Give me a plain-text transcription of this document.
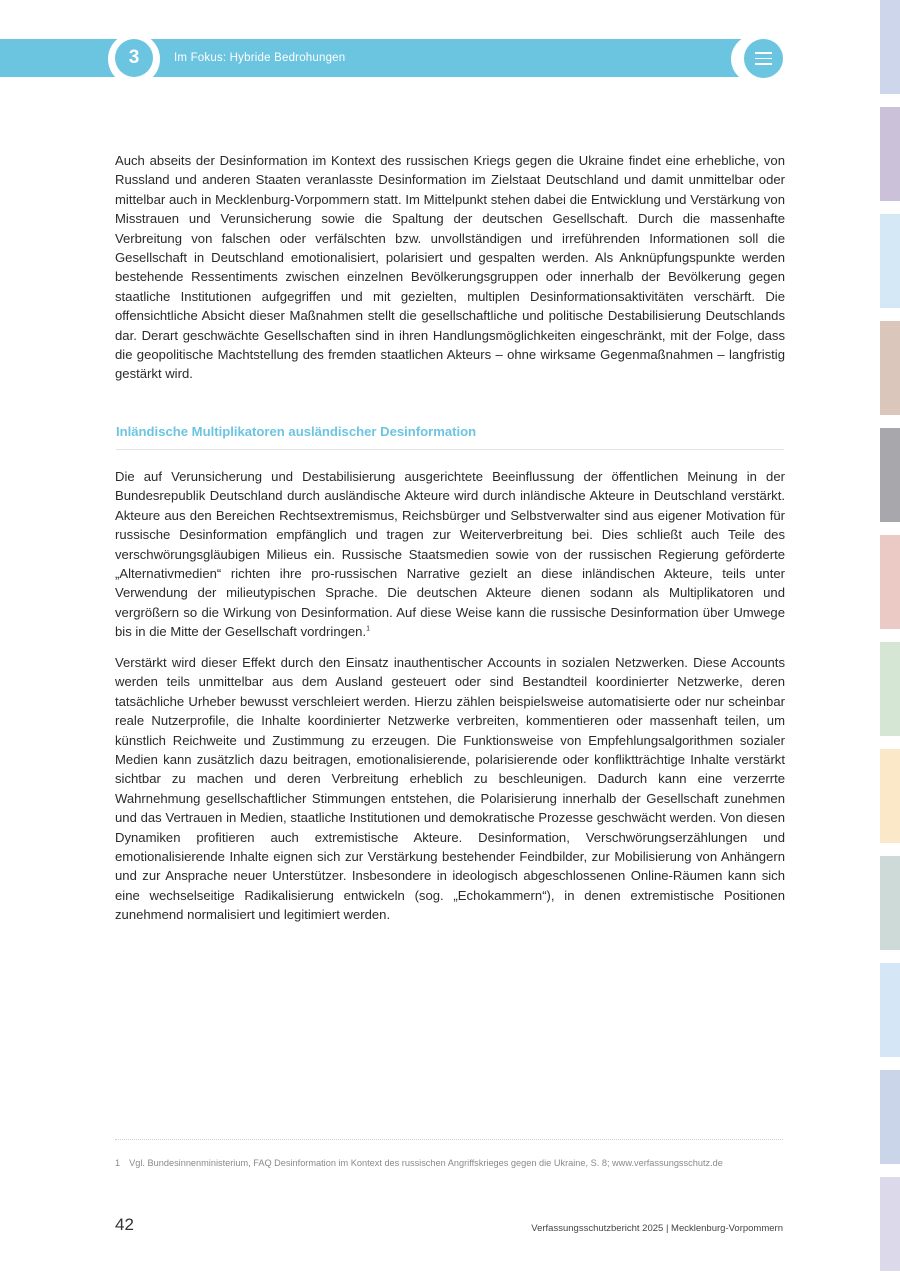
3	Im Fokus: Hybride Bedrohungen

Auch abseits der Desinformation im Kontext des russischen Kriegs gegen die Ukraine findet eine erhebliche, von Russland und anderen Staaten veranlasste Desinformation im Zielstaat Deutschland und damit unmittelbar oder mittelbar auch in Mecklenburg-Vorpommern statt. Im Mittelpunkt stehen dabei die Entwicklung und Verstärkung von Misstrauen und Verunsicherung sowie die Spaltung der deutschen Gesellschaft. Durch die massenhafte Verbreitung von falschen oder verfälschten bzw. unvollständigen und irreführenden Informationen soll die Gesellschaft in Deutschland emotionalisiert, polarisiert und gespalten werden. Als Anknüpfungspunkte werden bestehende Ressentiments zwischen einzelnen Bevölkerungsgruppen oder innerhalb der Bevölkerung gegen staatliche Institutionen aufgegriffen und mit gezielten, multiplen Desinformationsaktivitäten verschärft. Die offensichtliche Absicht dieser Maßnahmen stellt die gesellschaftliche und politische Destabilisierung Deutschlands dar. Derart geschwächte Gesellschaften sind in ihren Handlungsmöglichkeiten eingeschränkt, mit der Folge, dass die geopolitische Machtstellung des fremden staatlichen Akteurs – ohne wirksame Gegenmaßnahmen – langfristig gestärkt wird.

Inländische Multiplikatoren ausländischer Desinformation

Die auf Verunsicherung und Destabilisierung ausgerichtete Beeinflussung der öffentlichen Meinung in der Bundesrepublik Deutschland durch ausländische Akteure wird durch inländische Akteure in Deutschland verstärkt. Akteure aus den Bereichen Rechtsextremismus, Reichsbürger und Selbstverwalter sind aus eigener Motivation für russische Desinformation empfänglich und tragen zur Weiterverbreitung bei. Dies schließt auch Teile des verschwörungsgläubigen Milieus ein. Russische Staatsmedien sowie von der russischen Regierung geförderte „Alternativmedien“ richten ihre pro-russischen Narrative gezielt an diese inländischen Akteure, teils unter Verwendung der milieutypischen Sprache. Die deutschen Akteure dienen sodann als Multiplikatoren und vergrößern so die Wirkung von Desinformation. Auf diese Weise kann die russische Desinformation über Umwege bis in die Mitte der Gesellschaft vordringen.$^1$

Verstärkt wird dieser Effekt durch den Einsatz inauthentischer Accounts in sozialen Netzwerken. Diese Accounts werden teils unmittelbar aus dem Ausland gesteuert oder sind Bestandteil koordinierter Netzwerke, deren tatsächliche Urheber bewusst verschleiert werden. Hierzu zählen beispielsweise automatisierte oder nur scheinbar reale Nutzerprofile, die Inhalte koordinierter Netzwerke verbreiten, kommentieren oder massenhaft teilen, um künstlich Reichweite und Zustimmung zu erzeugen. Die Funktionsweise von Empfehlungsalgorithmen sozialer Medien kann zusätzlich dazu beitragen, emotionalisierende, polarisierende oder konfliktträchtige Inhalte verstärkt sichtbar zu machen und deren Verbreitung erheblich zu beschleunigen. Dadurch kann eine verzerrte Wahrnehmung gesellschaftlicher Stimmungen entstehen, die Polarisierung innerhalb der Gesellschaft zunehmen und das Vertrauen in Medien, staatliche Institutionen und demokratische Prozesse geschwächt werden. Von diesen Dynamiken profitieren auch extremistische Akteure. Desinformation, Verschwörungserzählungen und emotionalisierende Inhalte eignen sich zur Verstärkung bestehender Feindbilder, zur Mobilisierung von Anhängern und zur Ansprache neuer Unterstützer. Insbesondere in ideologisch abgeschlossenen Online-Räumen kann sich eine wechselseitige Radikalisierung entwickeln (sog. „Echokammern“), in denen extremistische Positionen zunehmend normalisiert und legitimiert werden.

1 Vgl. Bundesinnenministerium, FAQ Desinformation im Kontext des russischen Angriffskrieges gegen die Ukraine, S. 8; www.verfassungsschutz.de
42	Verfassungsschutzbericht 2025 | Mecklenburg-Vorpommern
